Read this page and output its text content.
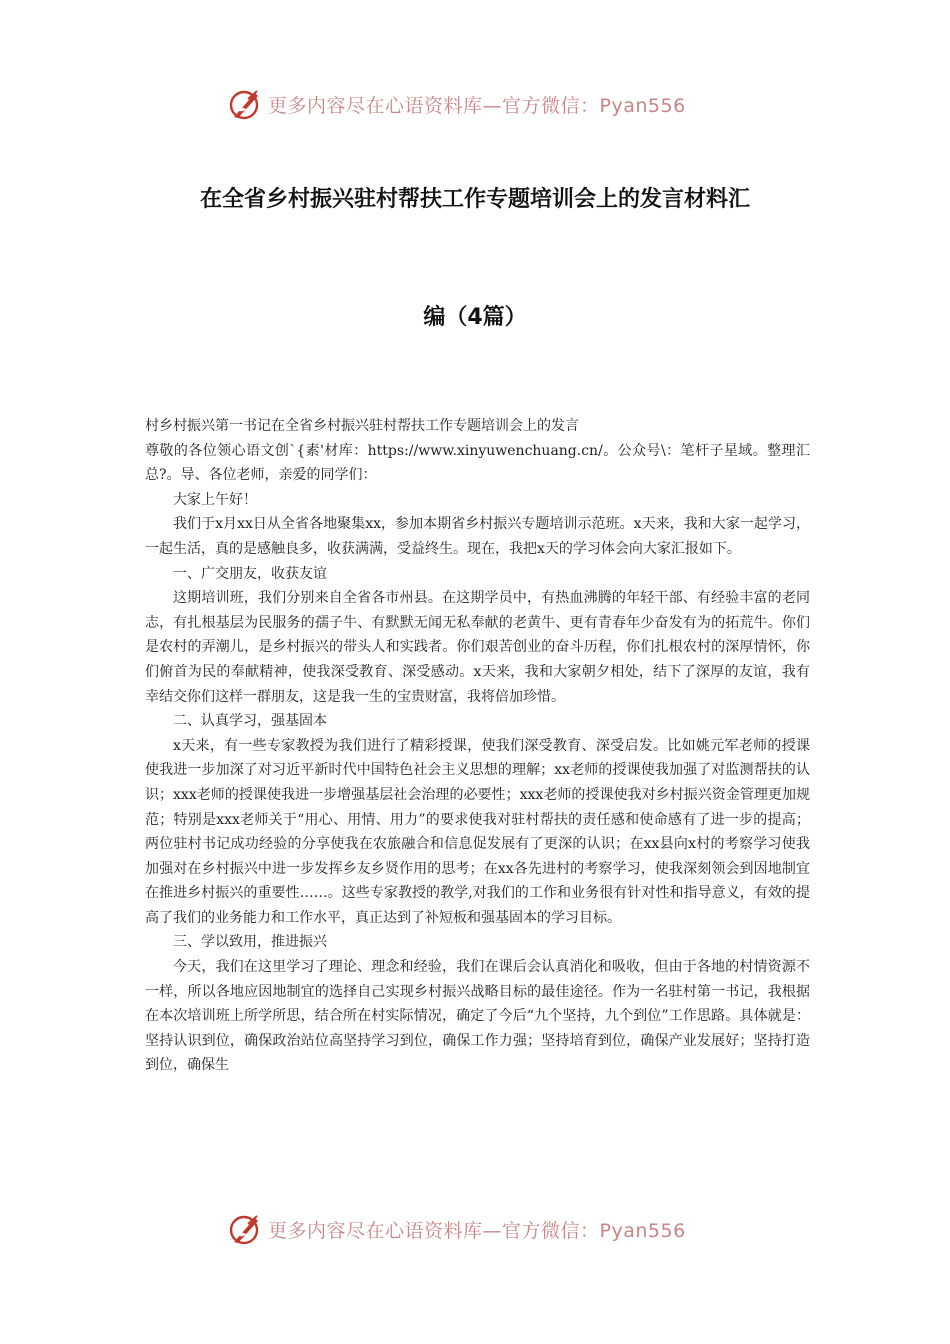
更多内容尽在心语资料库—官方微信：Pyan556
在全省乡村振兴驻村帮扶工作专题培训会上的发言材料汇
编（4篇）

村乡村振兴第一书记在全省乡村振兴驻村帮扶工作专题培训会上的发言

尊敬的各位领心语文创`{素'材库：https://www.xinyuwenchuang.cn/。公众号\：笔杆子星域。整理汇总?。导、各位老师，亲爱的同学们：

大家上午好！

我们于x月xx日从全省各地聚集xx，参加本期省乡村振兴专题培训示范班。x天来，我和大家一起学习，一起生活，真的是感触良多，收获满满，受益终生。现在，我把x天的学习体会向大家汇报如下。

一、广交朋友，收获友谊

这期培训班，我们分别来自全省各市州县。在这期学员中，有热血沸腾的年轻干部、有经验丰富的老同志，有扎根基层为民服务的孺子牛、有默默无闻无私奉献的老黄牛、更有青春年少奋发有为的拓荒牛。你们是农村的弄潮儿，是乡村振兴的带头人和实践者。你们艰苦创业的奋斗历程，你们扎根农村的深厚情怀，你们俯首为民的奉献精神，使我深受教育、深受感动。x天来，我和大家朝夕相处，结下了深厚的友谊，我有幸结交你们这样一群朋友，这是我一生的宝贵财富，我将倍加珍惜。

二、认真学习，强基固本

x天来，有一些专家教授为我们进行了精彩授课，使我们深受教育、深受启发。比如姚元军老师的授课使我进一步加深了对习近平新时代中国特色社会主义思想的理解；xx老师的授课使我加强了对监测帮扶的认识；xxx老师的授课使我进一步增强基层社会治理的必要性；xxx老师的授课使我对乡村振兴资金管理更加规范；特别是xxx老师关于“用心、用情、用力”的要求使我对驻村帮扶的责任感和使命感有了进一步的提高；两位驻村书记成功经验的分享使我在农旅融合和信息促发展有了更深的认识；在xx县向x村的考察学习使我加强对在乡村振兴中进一步发挥乡友乡贤作用的思考；在xx各先进村的考察学习，使我深刻领会到因地制宜在推进乡村振兴的重要性……。这些专家教授的教学,对我们的工作和业务很有针对性和指导意义，有效的提高了我们的业务能力和工作水平，真正达到了补短板和强基固本的学习目标。

三、学以致用，推进振兴

今天，我们在这里学习了理论、理念和经验，我们在课后会认真消化和吸收，但由于各地的村情资源不一样，所以各地应因地制宜的选择自己实现乡村振兴战略目标的最佳途径。作为一名驻村第一书记，我根据在本次培训班上所学所思，结合所在村实际情况，确定了今后“九个坚持，九个到位”工作思路。具体就是：坚持认识到位，确保政治站位高坚持学习到位，确保工作力强；坚持培育到位，确保产业发展好；坚持打造到位，确保生

更多内容尽在心语资料库—官方微信：Pyan556
